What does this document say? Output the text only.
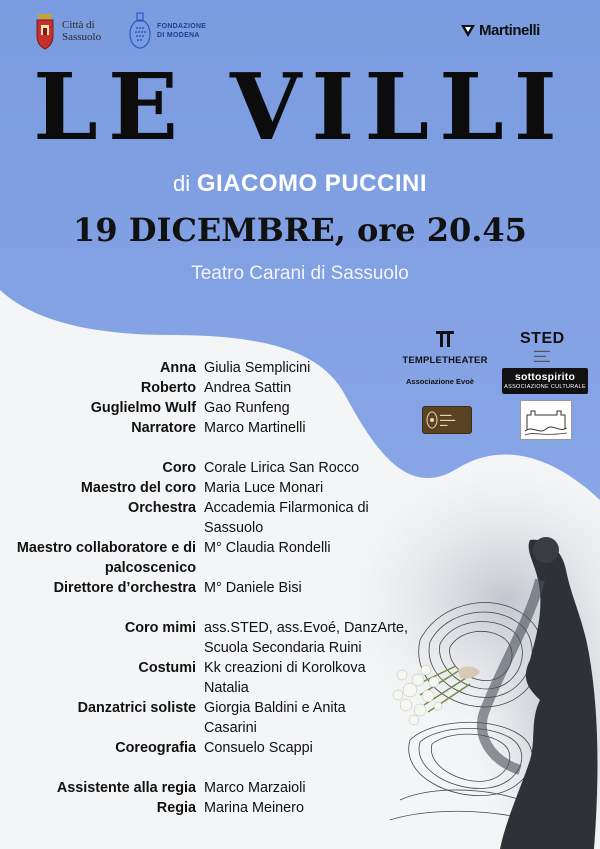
Città di
Sassuolo
FONDAZIONE
DI MODENA	Martinelli
LE VILLI
di GIACOMO PUCCINI
19 DICEMBRE, ore 20.45
Teatro Carani di Sassuolo
TEMPLETHEATER
STED
▬▬▬▬
▬▬▬
▬▬▬▬
Associazione Evoè	sottospirito
ASSOCIAZIONE CULTURALE
▬▬▬
▬▬▬▬
▬▬
Anna Giulia Semplicini
Roberto Andrea Sattin
Guglielmo Wulf Gao Runfeng
Narratore Marco Martinelli
Coro Corale Lirica San Rocco
Maestro del coro Maria Luce Monari
Orchestra Accademia Filarmonica di Sassuolo
Maestro collaboratore e di palcoscenico
M° Claudia Rondelli
Direttore d’orchestra M° Daniele Bisi
Coro mimi ass.STED, ass.Evoé, DanzArte, Scuola Secondaria Ruini
Costumi Kk creazioni di Korolkova Natalia
Danzatrici soliste Giorgia Baldini e Anita Casarini
Coreografia Consuelo Scappi
Assistente alla regia Marco Marzaioli
Regia Marina Meinero
